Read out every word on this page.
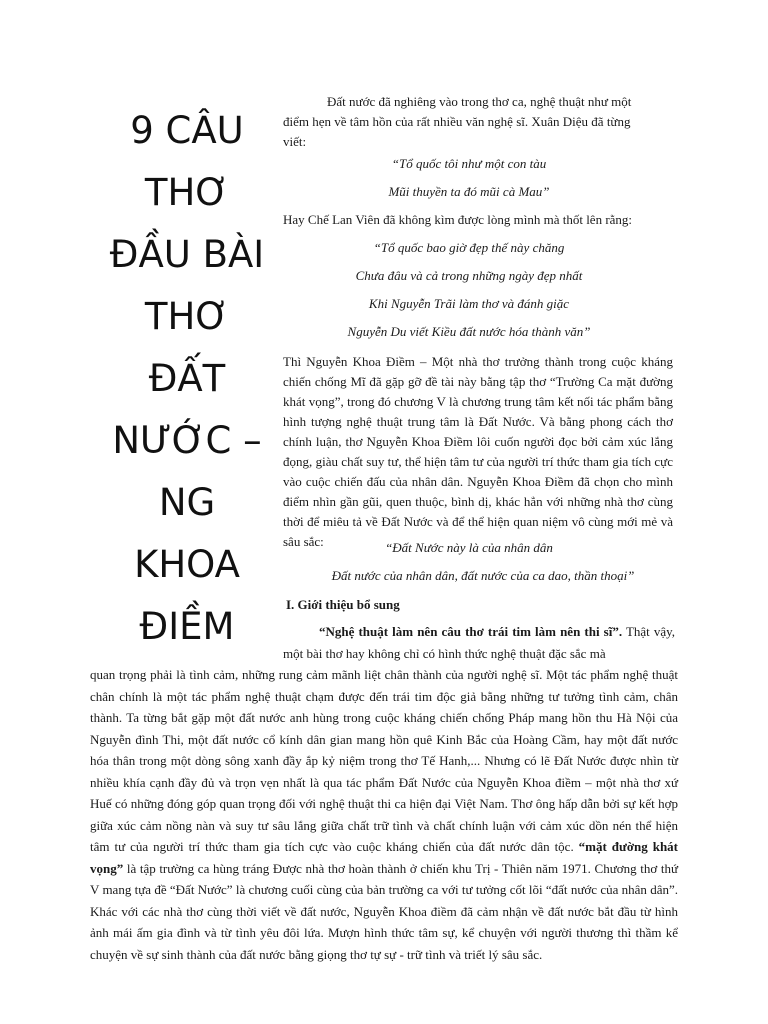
9 CÂU
THƠ
ĐẦU BÀI
THƠ
ĐẤT
NƯỚC –
NG
KHOA
ĐIỀM

Đất nước đã nghiêng vào trong thơ ca, nghệ thuật như một điểm hẹn về tâm hồn của rất nhiều văn nghệ sĩ. Xuân Diệu đã từng viết:

“Tổ quốc tôi như một con tàu
Mũi thuyền ta đó mũi cà Mau”

Hay Chế Lan Viên đã không kìm được lòng mình mà thốt lên rằng:

“Tổ quốc bao giờ đẹp thế này chăng
Chưa đâu và cả trong những ngày đẹp nhất
Khi Nguyễn Trãi làm thơ và đánh giặc
Nguyễn Du viết Kiều đất nước hóa thành văn”

Thì Nguyễn Khoa Điềm – Một nhà thơ trưởng thành trong cuộc kháng chiến chống Mĩ đã gặp gỡ đề tài này bằng tập thơ “Trường Ca mặt đường khát vọng”, trong đó chương V là chương trung tâm kết nối tác phẩm bằng hình tượng nghệ thuật trung tâm là Đất Nước. Và bằng phong cách thơ chính luận, thơ Nguyễn Khoa Điềm lôi cuốn người đọc bởi cảm xúc lắng đọng, giàu chất suy tư, thể hiện tâm tư của người trí thức tham gia tích cực vào cuộc chiến đấu của nhân dân. Nguyễn Khoa Điềm đã chọn cho mình điểm nhìn gần gũi, quen thuộc, bình dị, khác hẳn với những nhà thơ cùng thời để miêu tả về Đất Nước và để thể hiện quan niệm vô cùng mới mẻ và sâu sắc:	“Đất Nước này là của nhân dân
Đất nước của nhân dân, đất nước của ca dao, thần thoại”
I. Giới thiệu bổ sung

“Nghệ thuật làm nên câu thơ trái tim làm nên thi sĩ”. Thật vậy, một bài thơ hay không chỉ có hình thức nghệ thuật đặc sắc mà

quan trọng phải là tình cảm, những rung cảm mãnh liệt chân thành của người nghệ sĩ. Một tác phẩm nghệ thuật chân chính là một tác phẩm nghệ thuật chạm được đến trái tim độc giả bằng những tư tưởng tình cảm, chân thành. Ta từng bắt gặp một đất nước anh hùng trong cuộc kháng chiến chống Pháp mang hồn thu Hà Nội của Nguyễn đình Thi, một đất nước cổ kính dân gian mang hồn quê Kinh Bắc của Hoàng Cầm, hay một đất nước hóa thân trong một dòng sông xanh đầy ắp kỷ niệm trong thơ Tế Hanh,... Nhưng có lẽ Đất Nước được nhìn từ nhiều khía cạnh đầy đủ và trọn vẹn nhất là qua tác phẩm Đất Nước của Nguyễn Khoa điềm – một nhà thơ xứ Huế có những đóng góp quan trọng đối với nghệ thuật thi ca hiện đại Việt Nam. Thơ ông hấp dẫn bởi sự kết hợp giữa xúc cảm nồng nàn và suy tư sâu lắng giữa chất trữ tình và chất chính luận với cảm xúc dồn nén thể hiện tâm tư của người trí thức tham gia tích cực vào cuộc kháng chiến của đất nước dân tộc. “mặt đường khát vọng” là tập trường ca hùng tráng Được nhà thơ hoàn thành ở chiến khu Trị - Thiên năm 1971. Chương thơ thứ V mang tựa đề “Đất Nước” là chương cuối cùng của bản trường ca với tư tưởng cốt lõi “đất nước của nhân dân”. Khác với các nhà thơ cùng thời viết về đất nước, Nguyễn Khoa điềm đã cảm nhận về đất nước bắt đầu từ hình ảnh mái ấm gia đình và từ tình yêu đôi lứa. Mượn hình thức tâm sự, kể chuyện với người thương thì thầm kể chuyện về sự sinh thành của đất nước bằng giọng thơ tự sự - trữ tình và triết lý sâu sắc.
